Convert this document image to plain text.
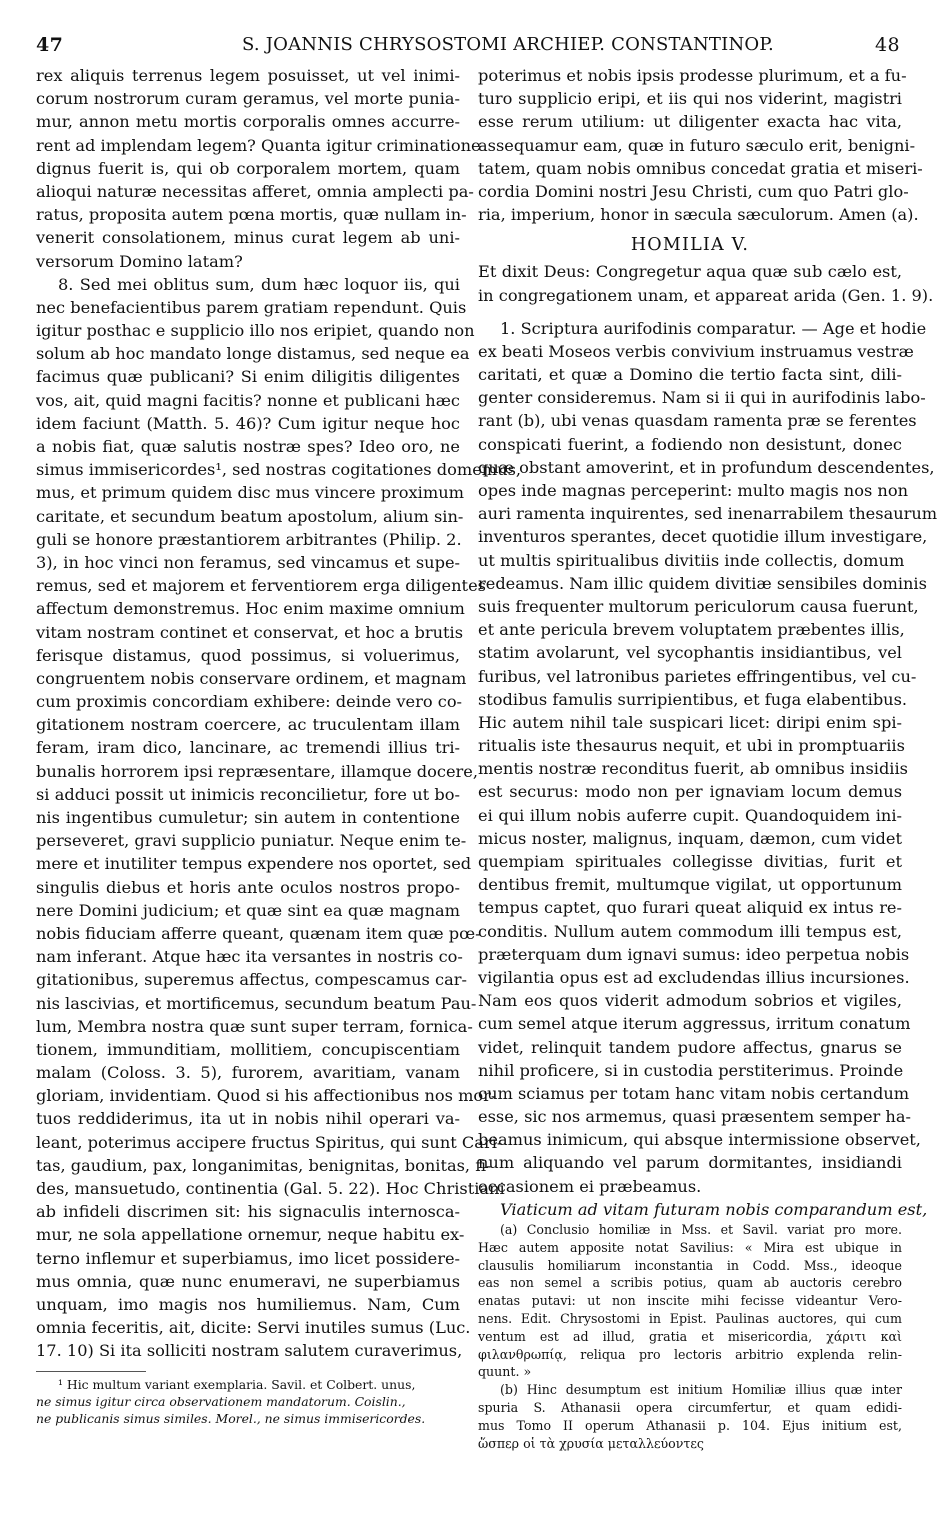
47	S. JOANNIS CHRYSOSTOMI ARCHIEP. CONSTANTINOP.	48
rex aliquis terrenus legem posuisset, ut vel inimi-
corum nostrorum curam geramus, vel morte punia-
mur, annon metu mortis corporalis omnes accurre-
rent ad implendam legem? Quanta igitur criminatione
dignus fuerit is, qui ob corporalem mortem, quam
alioqui naturæ necessitas afferet, omnia amplecti pa-
ratus, proposita autem pœna mortis, quæ nullam in-
venerit consolationem, minus curat legem ab uni-
versorum Domino latam?
8. Sed mei oblitus sum, dum hæc loquor iis, qui
nec benefacientibus parem gratiam rependunt. Quis
igitur posthac e supplicio illo nos eripiet, quando non
solum ab hoc mandato longe distamus, sed neque ea
facimus quæ publicani? Si enim diligitis diligentes
vos, ait, quid magni facitis? nonne et publicani hæc
idem faciunt (Matth. 5. 46)? Cum igitur neque hoc
a nobis fiat, quæ salutis nostræ spes? Ideo oro, ne
simus immisericordes¹, sed nostras cogitationes domemus,
mus, et primum quidem disc mus vincere proximum
caritate, et secundum beatum apostolum, alium sin-
guli se honore præstantiorem arbitrantes (Philip. 2.
3), in hoc vinci non feramus, sed vincamus et supe-
remus, sed et majorem et ferventiorem erga diligentes
affectum demonstremus. Hoc enim maxime omnium
vitam nostram continet et conservat, et hoc a brutis
ferisque distamus, quod possimus, si voluerimus,
congruentem nobis conservare ordinem, et magnam
cum proximis concordiam exhibere: deinde vero co-
gitationem nostram coercere, ac truculentam illam
feram, iram dico, lancinare, ac tremendi illius tri-
bunalis horrorem ipsi repræsentare, illamque docere,
si adduci possit ut inimicis reconcilietur, fore ut bo-
nis ingentibus cumuletur; sin autem in contentione
perseveret, gravi supplicio puniatur. Neque enim te-
mere et inutiliter tempus expendere nos oportet, sed
singulis diebus et horis ante oculos nostros propo-
nere Domini judicium; et quæ sint ea quæ magnam
nobis fiduciam afferre queant, quænam item quæ pœ-
nam inferant. Atque hæc ita versantes in nostris co-
gitationibus, superemus affectus, compescamus car-
nis lascivias, et mortificemus, secundum beatum Pau-
lum, Membra nostra quæ sunt super terram, fornica-
tionem, immunditiam, mollitiem, concupiscentiam
malam (Coloss. 3. 5), furorem, avaritiam, vanam
gloriam, invidentiam. Quod si his affectionibus nos mor-
tuos reddiderimus, ita ut in nobis nihil operari va-
leant, poterimus accipere fructus Spiritus, qui sunt Cari-
tas, gaudium, pax, longanimitas, benignitas, bonitas, fi-
des, mansuetudo, continentia (Gal. 5. 22). Hoc Christiani
ab infideli discrimen sit: his signaculis internosca-
mur, ne sola appellatione ornemur, neque habitu ex-
terno inflemur et superbiamus, imo licet possidere-
mus omnia, quæ nunc enumeravi, ne superbiamus
unquam, imo magis nos humiliemus. Nam, Cum
omnia feceritis, ait, dicite: Servi inutiles sumus (Luc.
17. 10) Si ita solliciti nostram salutem curaverimus,
¹ Hic multum variant exemplaria. Savil. et Colbert. unus,
ne simus igitur circa observationem mandatorum. Coislin.,
ne publicanis simus similes. Morel., ne simus immisericordes.
poterimus et nobis ipsis prodesse plurimum, et a fu-
turo supplicio eripi, et iis qui nos viderint, magistri
esse rerum utilium: ut diligenter exacta hac vita,
assequamur eam, quæ in futuro sæculo erit, benigni-
tatem, quam nobis omnibus concedat gratia et miseri-
cordia Domini nostri Jesu Christi, cum quo Patri glo-
ria, imperium, honor in sæcula sæculorum. Amen (a).
HOMILIA V.
Et dixit Deus: Congregetur aqua quæ sub cælo est,
in congregationem unam, et appareat arida (Gen. 1. 9).
1. Scriptura aurifodinis comparatur. — Age et hodie
ex beati Moseos verbis convivium instruamus vestræ
caritati, et quæ a Domino die tertio facta sint, dili-
genter consideremus. Nam si ii qui in aurifodinis labo-
rant (b), ubi venas quasdam ramenta præ se ferentes
conspicati fuerint, a fodiendo non desistunt, donec
quæ obstant amoverint, et in profundum descendentes,
opes inde magnas perceperint: multo magis nos non
auri ramenta inquirentes, sed inenarrabilem thesaurum
inventuros sperantes, decet quotidie illum investigare,
ut multis spiritualibus divitiis inde collectis, domum
redeamus. Nam illic quidem divitiæ sensibiles dominis
suis frequenter multorum periculorum causa fuerunt,
et ante pericula brevem voluptatem præbentes illis,
statim avolarunt, vel sycophantis insidiantibus, vel
furibus, vel latronibus parietes effringentibus, vel cu-
stodibus famulis surripientibus, et fuga elabentibus.
Hic autem nihil tale suspicari licet: diripi enim spi-
ritualis iste thesaurus nequit, et ubi in promptuariis
mentis nostræ reconditus fuerit, ab omnibus insidiis
est securus: modo non per ignaviam locum demus
ei qui illum nobis auferre cupit. Quandoquidem ini-
micus noster, malignus, inquam, dæmon, cum videt
quempiam spirituales collegisse divitias, furit et
dentibus fremit, multumque vigilat, ut opportunum
tempus captet, quo furari queat aliquid ex intus re-
conditis. Nullum autem commodum illi tempus est,
præterquam dum ignavi sumus: ideo perpetua nobis
vigilantia opus est ad excludendas illius incursiones.
Nam eos quos viderit admodum sobrios et vigiles,
cum semel atque iterum aggressus, irritum conatum
videt, relinquit tandem pudore affectus, gnarus se
nihil proficere, si in custodia perstiterimus. Proinde
cum sciamus per totam hanc vitam nobis certandum
esse, sic nos armemus, quasi præsentem semper ha-
beamus inimicum, qui absque intermissione observet,
num aliquando vel parum dormitantes, insidiandi
occasionem ei præbeamus.
Viaticum ad vitam futuram nobis comparandum est,
(a) Conclusio homiliæ in Mss. et Savil. variat pro more.
Hæc autem apposite notat Savilius: « Mira est ubique in
clausulis homiliarum inconstantia in Codd. Mss., ideoque
eas non semel a scribis potius, quam ab auctoris cerebro
enatas putavi: ut non inscite mihi fecisse videantur Vero-
nens. Edit. Chrysostomi in Epist. Paulinas auctores, qui cum
ventum est ad illud, gratia et misericordia, χάριτι καὶ
φιλανθρωπίᾳ, reliqua pro lectoris arbitrio explenda relin-
quunt. »
(b) Hinc desumptum est initium Homiliæ illius quæ inter
spuria S. Athanasii opera circumfertur, et quam edidi-
mus Tomo II operum Athanasii p. 104. Ejus initium est,
ὥσπερ οἱ τὰ χρυσία μεταλλεύοντες
